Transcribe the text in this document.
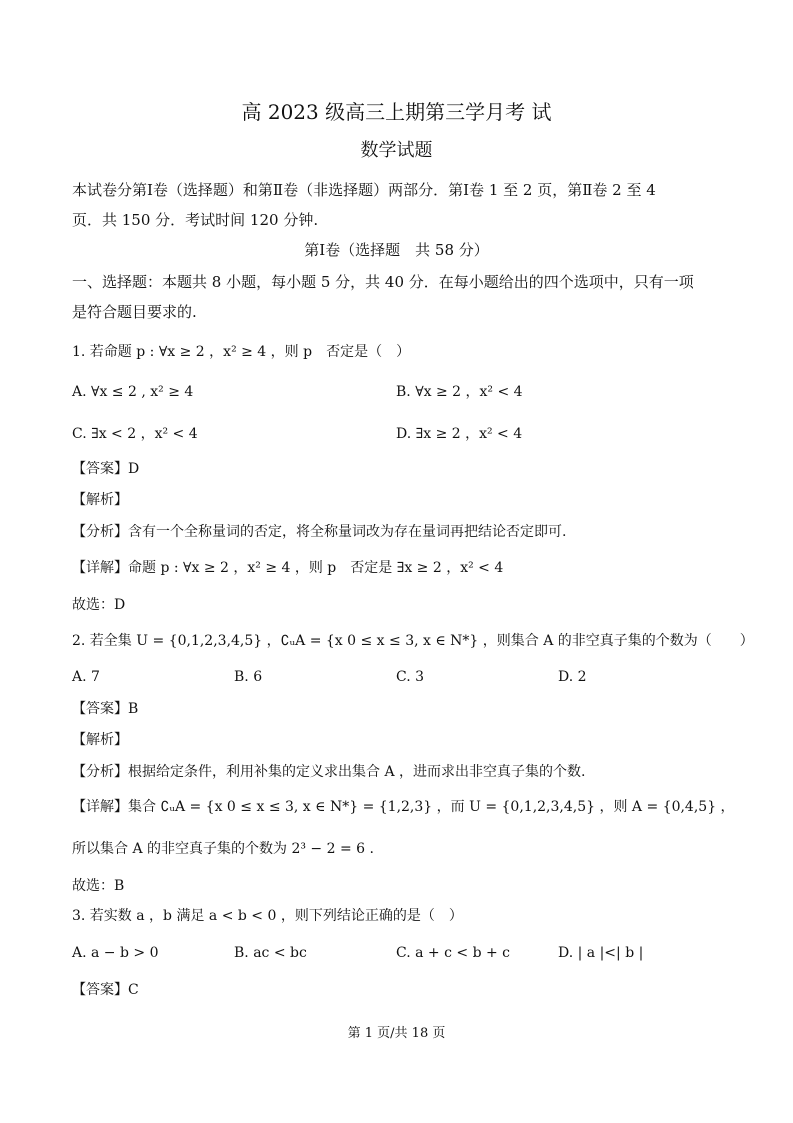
高 2023 级高三上期第三学月考 试
数学试题
本试卷分第Ⅰ卷（选择题）和第Ⅱ卷（非选择题）两部分．第Ⅰ卷 1 至 2 页，第Ⅱ卷 2 至 4
页．共 150 分．考试时间 120 分钟.
第Ⅰ卷（选择题　共 58 分）
一、选择题：本题共 8 小题，每小题 5 分，共 40 分．在每小题给出的四个选项中，只有一项
是符合题目要求的.
1. 若命题 p : ∀x ≥ 2 ，x² ≥ 4 ，则 p　否定是（　）
A. ∀x ≤ 2 , x² ≥ 4	B. ∀x ≥ 2 ，x² < 4
C. ∃x < 2 ，x² < 4	D. ∃x ≥ 2 ，x² < 4
【答案】D
【解析】
【分析】含有一个全称量词的否定，将全称量词改为存在量词再把结论否定即可.
【详解】命题 p : ∀x ≥ 2 ，x² ≥ 4 ，则 p　否定是 ∃x ≥ 2 ，x² < 4
故选：D
2. 若全集 U = {0,1,2,3,4,5} ，∁ᵤA = {x 0 ≤ x ≤ 3, x ∈ N*} ，则集合 A 的非空真子集的个数为（　　）
A. 7	B. 6	C. 3	D. 2
【答案】B
【解析】
【分析】根据给定条件，利用补集的定义求出集合 A ，进而求出非空真子集的个数.
【详解】集合 ∁ᵤA = {x 0 ≤ x ≤ 3, x ∈ N*} = {1,2,3} ，而 U = {0,1,2,3,4,5} ，则 A = {0,4,5} ，
所以集合 A 的非空真子集的个数为 2³ − 2 = 6 .
故选：B
3. 若实数 a ，b 满足 a < b < 0 ，则下列结论正确的是（　）
A. a − b > 0	B. ac < bc	C. a + c < b + c	D. | a |<| b |
【答案】C
第 1 页/共 18 页
